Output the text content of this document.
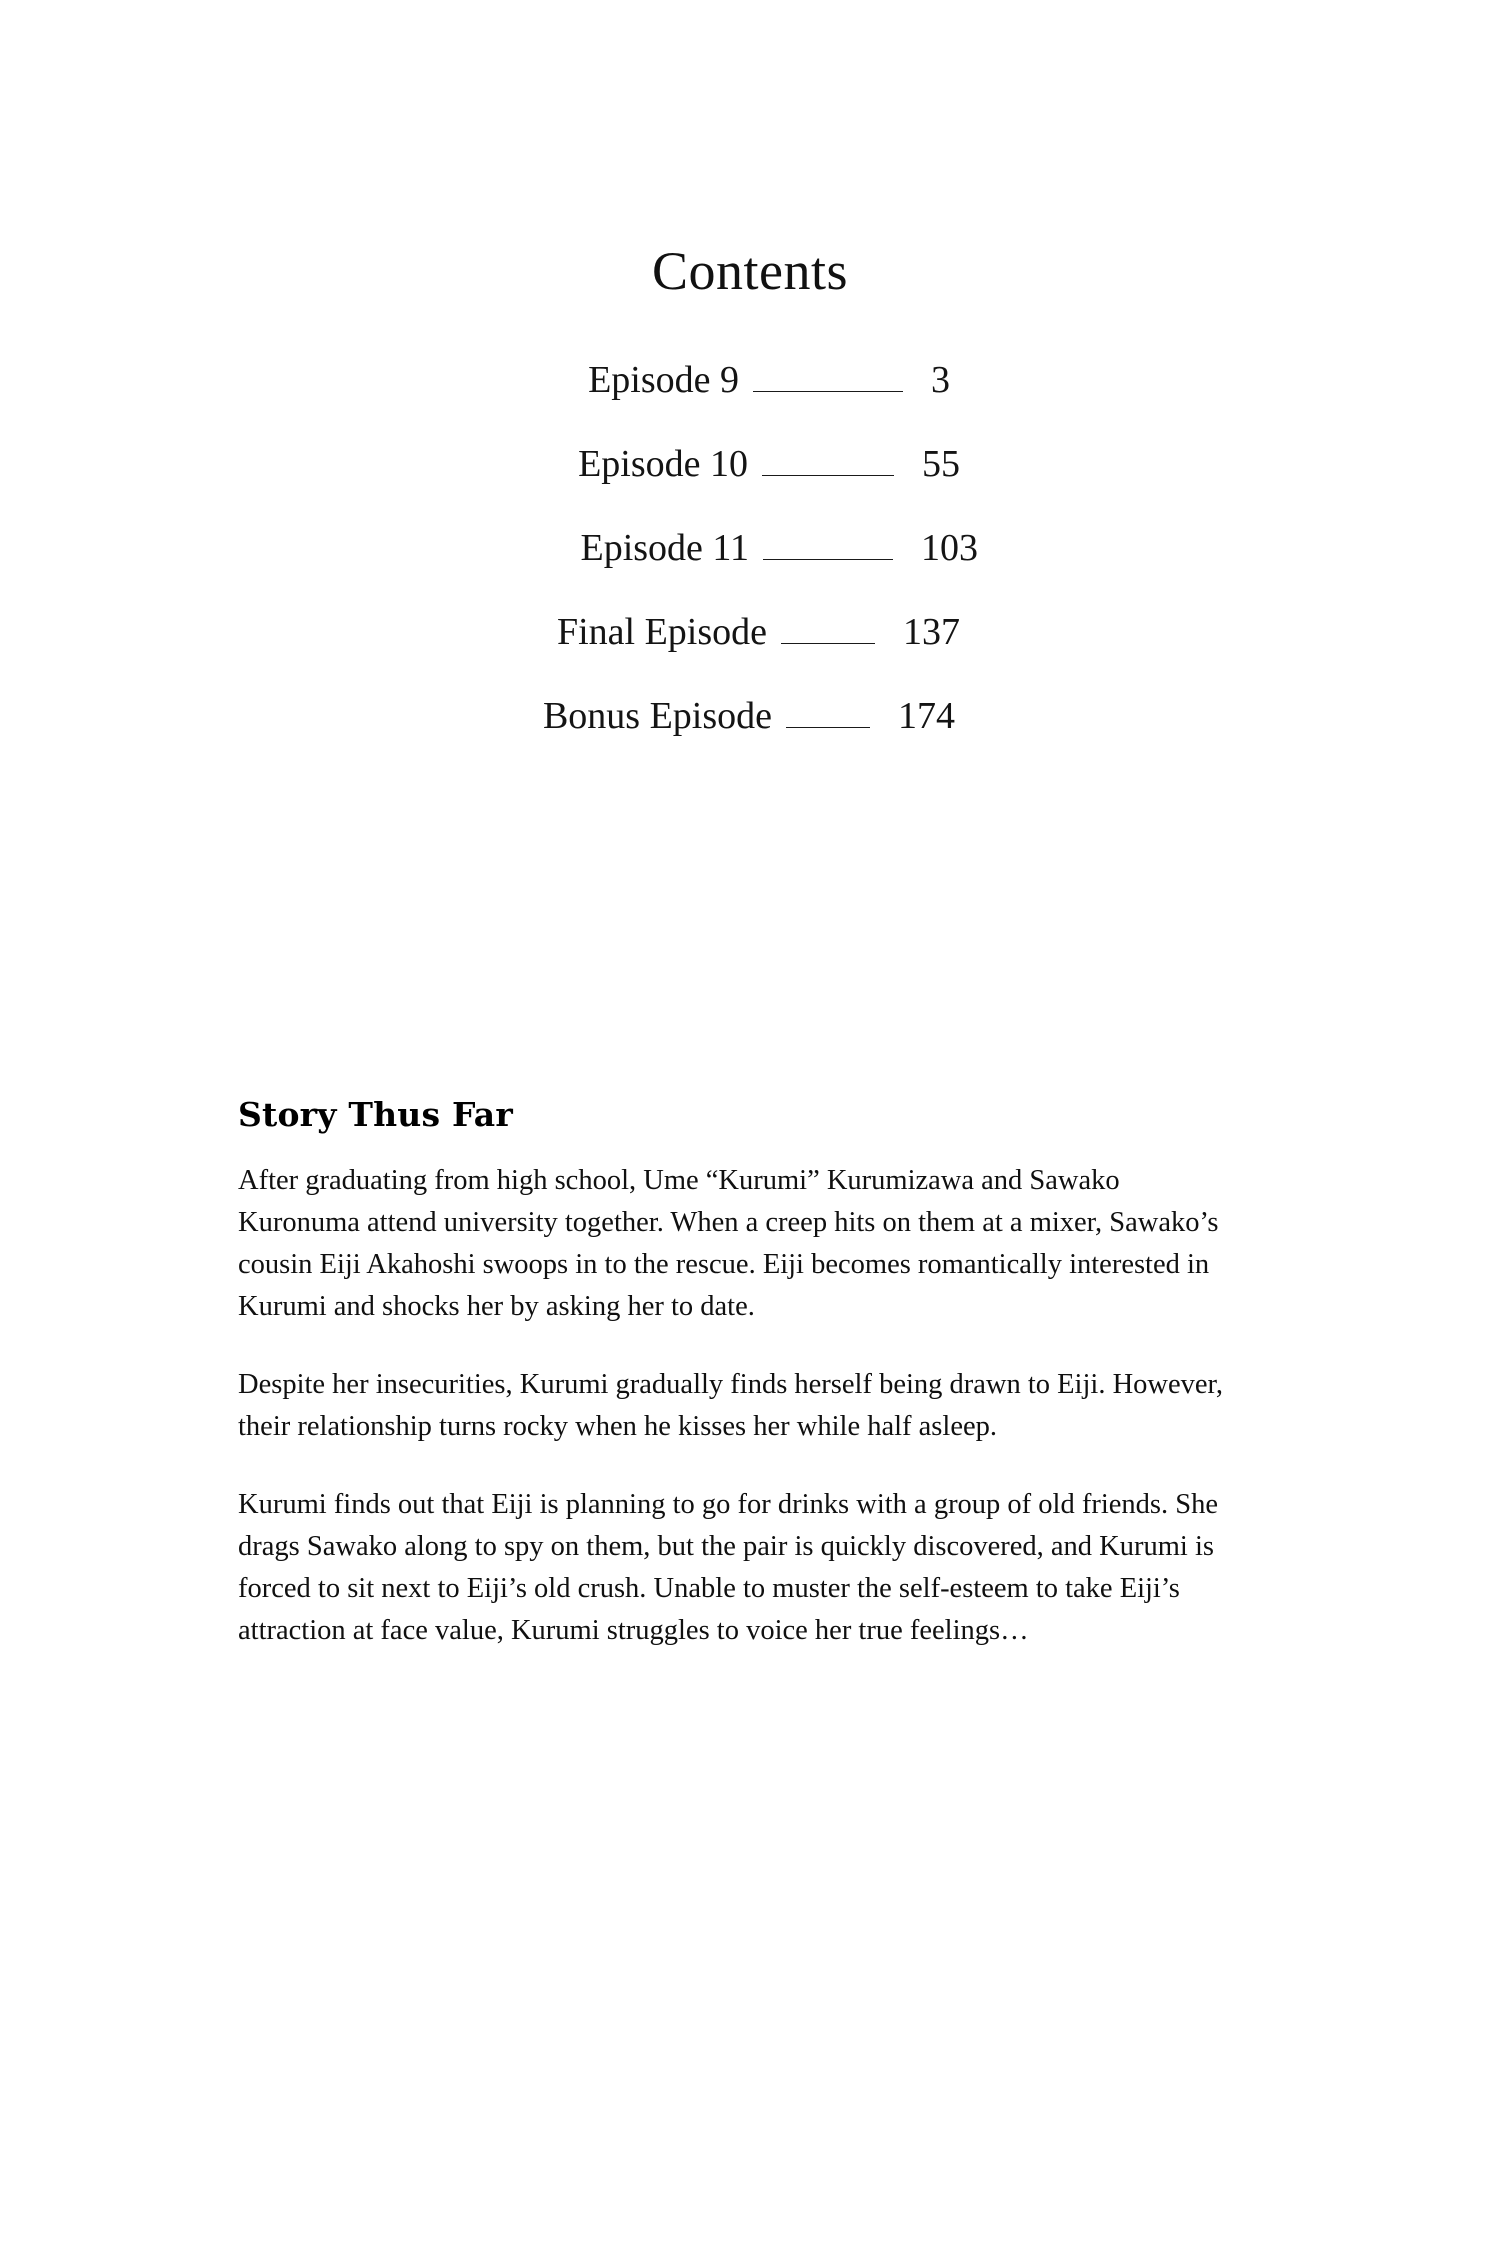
Contents
Episode 9	3
Episode 10	55
Episode 11	103
Final Episode	137
Bonus Episode	174
Story Thus Far

After graduating from high school, Ume “Kurumi” Kurumizawa and Sawako Kuronuma attend university together. When a creep hits on them at a mixer, Sawako’s cousin Eiji Akahoshi swoops in to the rescue. Eiji becomes romantically interested in Kurumi and shocks her by asking her to date.

Despite her insecurities, Kurumi gradually finds herself being drawn to Eiji. However, their relationship turns rocky when he kisses her while half asleep.

Kurumi finds out that Eiji is planning to go for drinks with a group of old friends. She drags Sawako along to spy on them, but the pair is quickly discovered, and Kurumi is forced to sit next to Eiji’s old crush. Unable to muster the self-esteem to take Eiji’s attraction at face value, Kurumi struggles to voice her true feelings…
